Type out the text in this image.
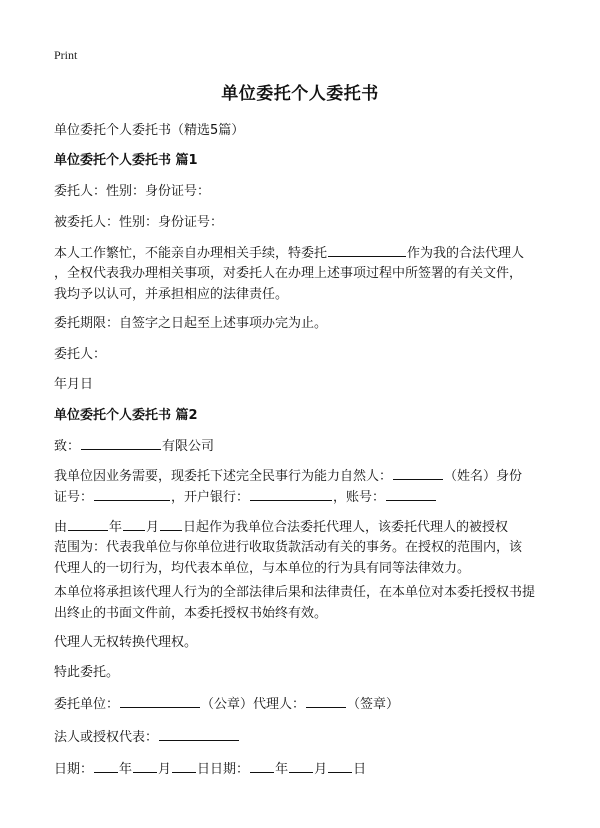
Print
单位委托个人委托书
单位委托个人委托书（精选5篇）
单位委托个人委托书 篇1
委托人：性别：身份证号：
被委托人：性别：身份证号：
本人工作繁忙，不能亲自办理相关手续，特委托	作为我的合法代理人
，全权代表我办理相关事项，对委托人在办理上述事项过程中所签署的有关文件，
我均予以认可，并承担相应的法律责任。
委托期限：自签字之日起至上述事项办完为止。
委托人：
年月日
单位委托个人委托书 篇2
致：	有限公司
我单位因业务需要，现委托下述完全民事行为能力自然人：	（姓名）身份
证号：	，开户银行：	，账号：
由	年 月 日起作为我单位合法委托代理人，该委托代理人的被授权
范围为：代表我单位与你单位进行收取货款活动有关的事务。在授权的范围内，该
代理人的一切行为，均代表本单位，与本单位的行为具有同等法律效力。
本单位将承担该代理人行为的全部法律后果和法律责任，在本单位对本委托授权书提
出终止的书面文件前，本委托授权书始终有效。
代理人无权转换代理权。
特此委托。
委托单位：	（公章）代理人：	（签章）
法人或授权代表：
日期： 年 月 日日期： 年 月 日
